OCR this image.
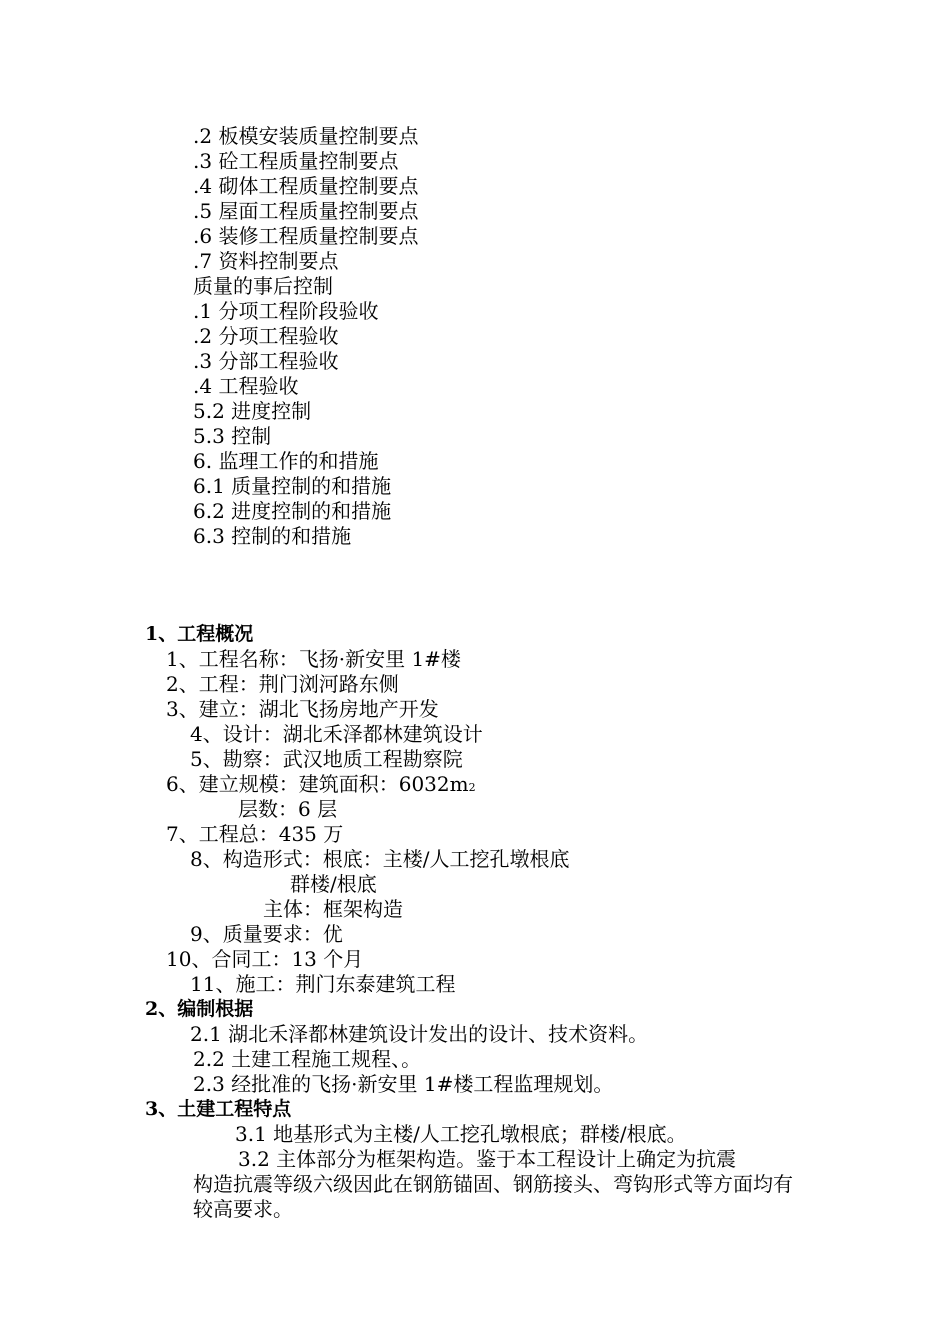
.2 板模安装质量控制要点
.3 砼工程质量控制要点
.4 砌体工程质量控制要点
.5 屋面工程质量控制要点
.6 装修工程质量控制要点
.7 资料控制要点
质量的事后控制
.1 分项工程阶段验收
.2 分项工程验收
.3 分部工程验收
.4 工程验收
5.2 进度控制
5.3 控制
6. 监理工作的和措施
6.1 质量控制的和措施
6.2 进度控制的和措施
6.3 控制的和措施
1、工程概况
1、工程名称：飞扬·新安里 1#楼
2、工程：荆门浏河路东侧
3、建立：湖北飞扬房地产开发
4、设计：湖北禾泽都林建筑设计
5、勘察：武汉地质工程勘察院
6、建立规模：建筑面积：6032m2
层数：6 层
7、工程总：435 万
8、构造形式：根底：主楼/人工挖孔墩根底
群楼/根底
主体：框架构造
9、质量要求：优
10、合同工：13 个月
11、施工：荆门东泰建筑工程
2、编制根据
2.1 湖北禾泽都林建筑设计发出的设计、技术资料。
2.2 土建工程施工规程、。
2.3 经批准的飞扬·新安里 1#楼工程监理规划。
3、土建工程特点
3.1 地基形式为主楼/人工挖孔墩根底；群楼/根底。
3.2 主体部分为框架构造。鉴于本工程设计上确定为抗震
构造抗震等级六级因此在钢筋锚固、钢筋接头、弯钩形式等方面均有较高要求。
